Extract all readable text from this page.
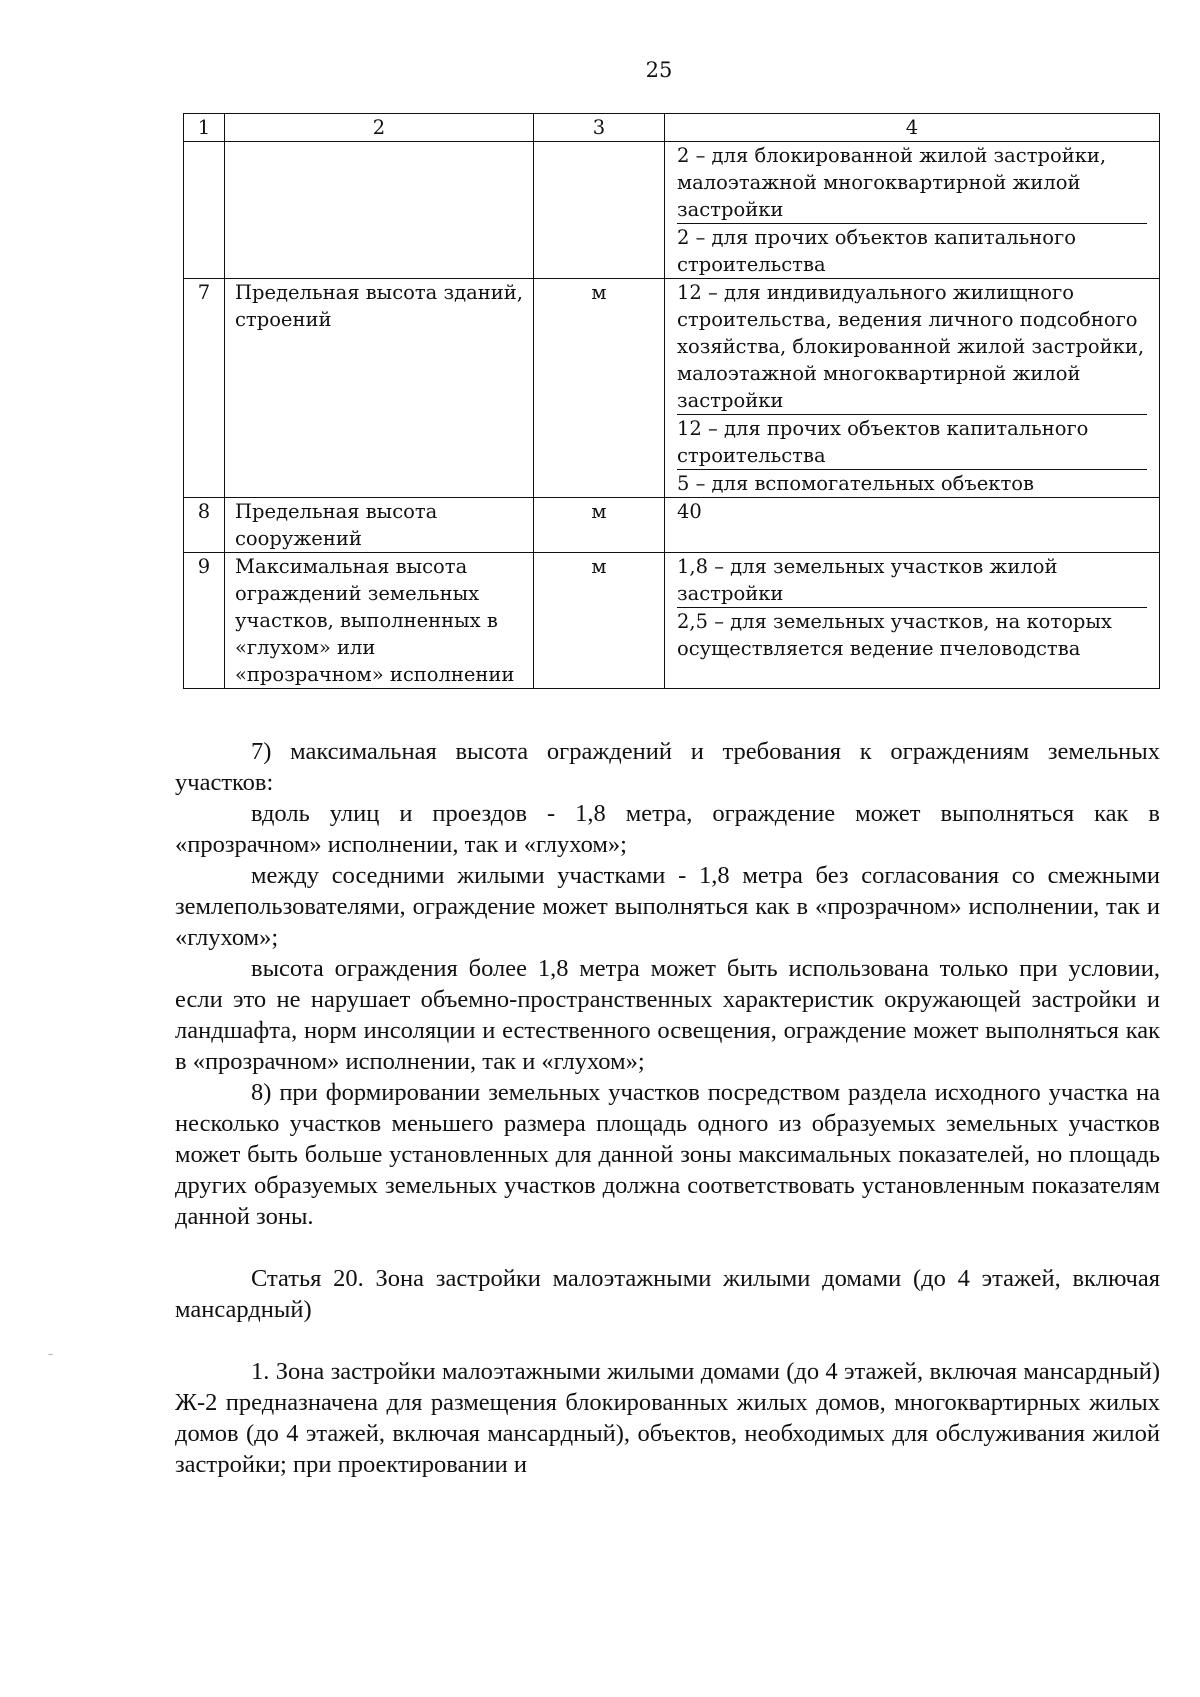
25
1	2	3	4

			2 – для блокированной жилой застройки, малоэтажной многоквартирной жилой застройки
2 – для прочих объектов капитального строительства

7	Предельная высота зданий, строений	м	12 – для индивидуального жилищного строительства, ведения личного подсобного хозяйства, блокированной жилой застройки, малоэтажной многоквартирной жилой застройки
12 – для прочих объектов капитального строительства
5 – для вспомогательных объектов

8	Предельная высота сооружений	м	40

9	Максимальная высота ограждений земельных участков, выполненных в «глухом» или «прозрачном» исполнении	м	1,8 – для земельных участков жилой застройки
2,5 – для земельных участков, на которых осуществляется ведение пчеловодства

7) максимальная высота ограждений и требования к ограждениям земельных участков:

вдоль улиц и проездов - 1,8 метра, ограждение может выполняться как в «прозрачном» исполнении, так и «глухом»;

между соседними жилыми участками - 1,8 метра без согласования со смежными землепользователями, ограждение может выполняться как в «прозрачном» исполнении, так и «глухом»;

высота ограждения более 1,8 метра может быть использована только при условии, если это не нарушает объемно-пространственных характеристик окружающей застройки и ландшафта, норм инсоляции и естественного освещения, ограждение может выполняться как в «прозрачном» исполнении, так и «глухом»;

8) при формировании земельных участков посредством раздела исходного участка на несколько участков меньшего размера площадь одного из образуемых земельных участков может быть больше установленных для данной зоны максимальных показателей, но площадь других образуемых земельных участков должна соответствовать установленным показателям данной зоны.

Статья 20. Зона застройки малоэтажными жилыми домами (до 4 этажей, включая мансардный)

1. Зона застройки малоэтажными жилыми домами (до 4 этажей, включая мансардный) Ж-2 предназначена для размещения блокированных жилых домов, многоквартирных жилых домов (до 4 этажей, включая мансардный), объектов, необходимых для обслуживания жилой застройки; при проектировании и

–
